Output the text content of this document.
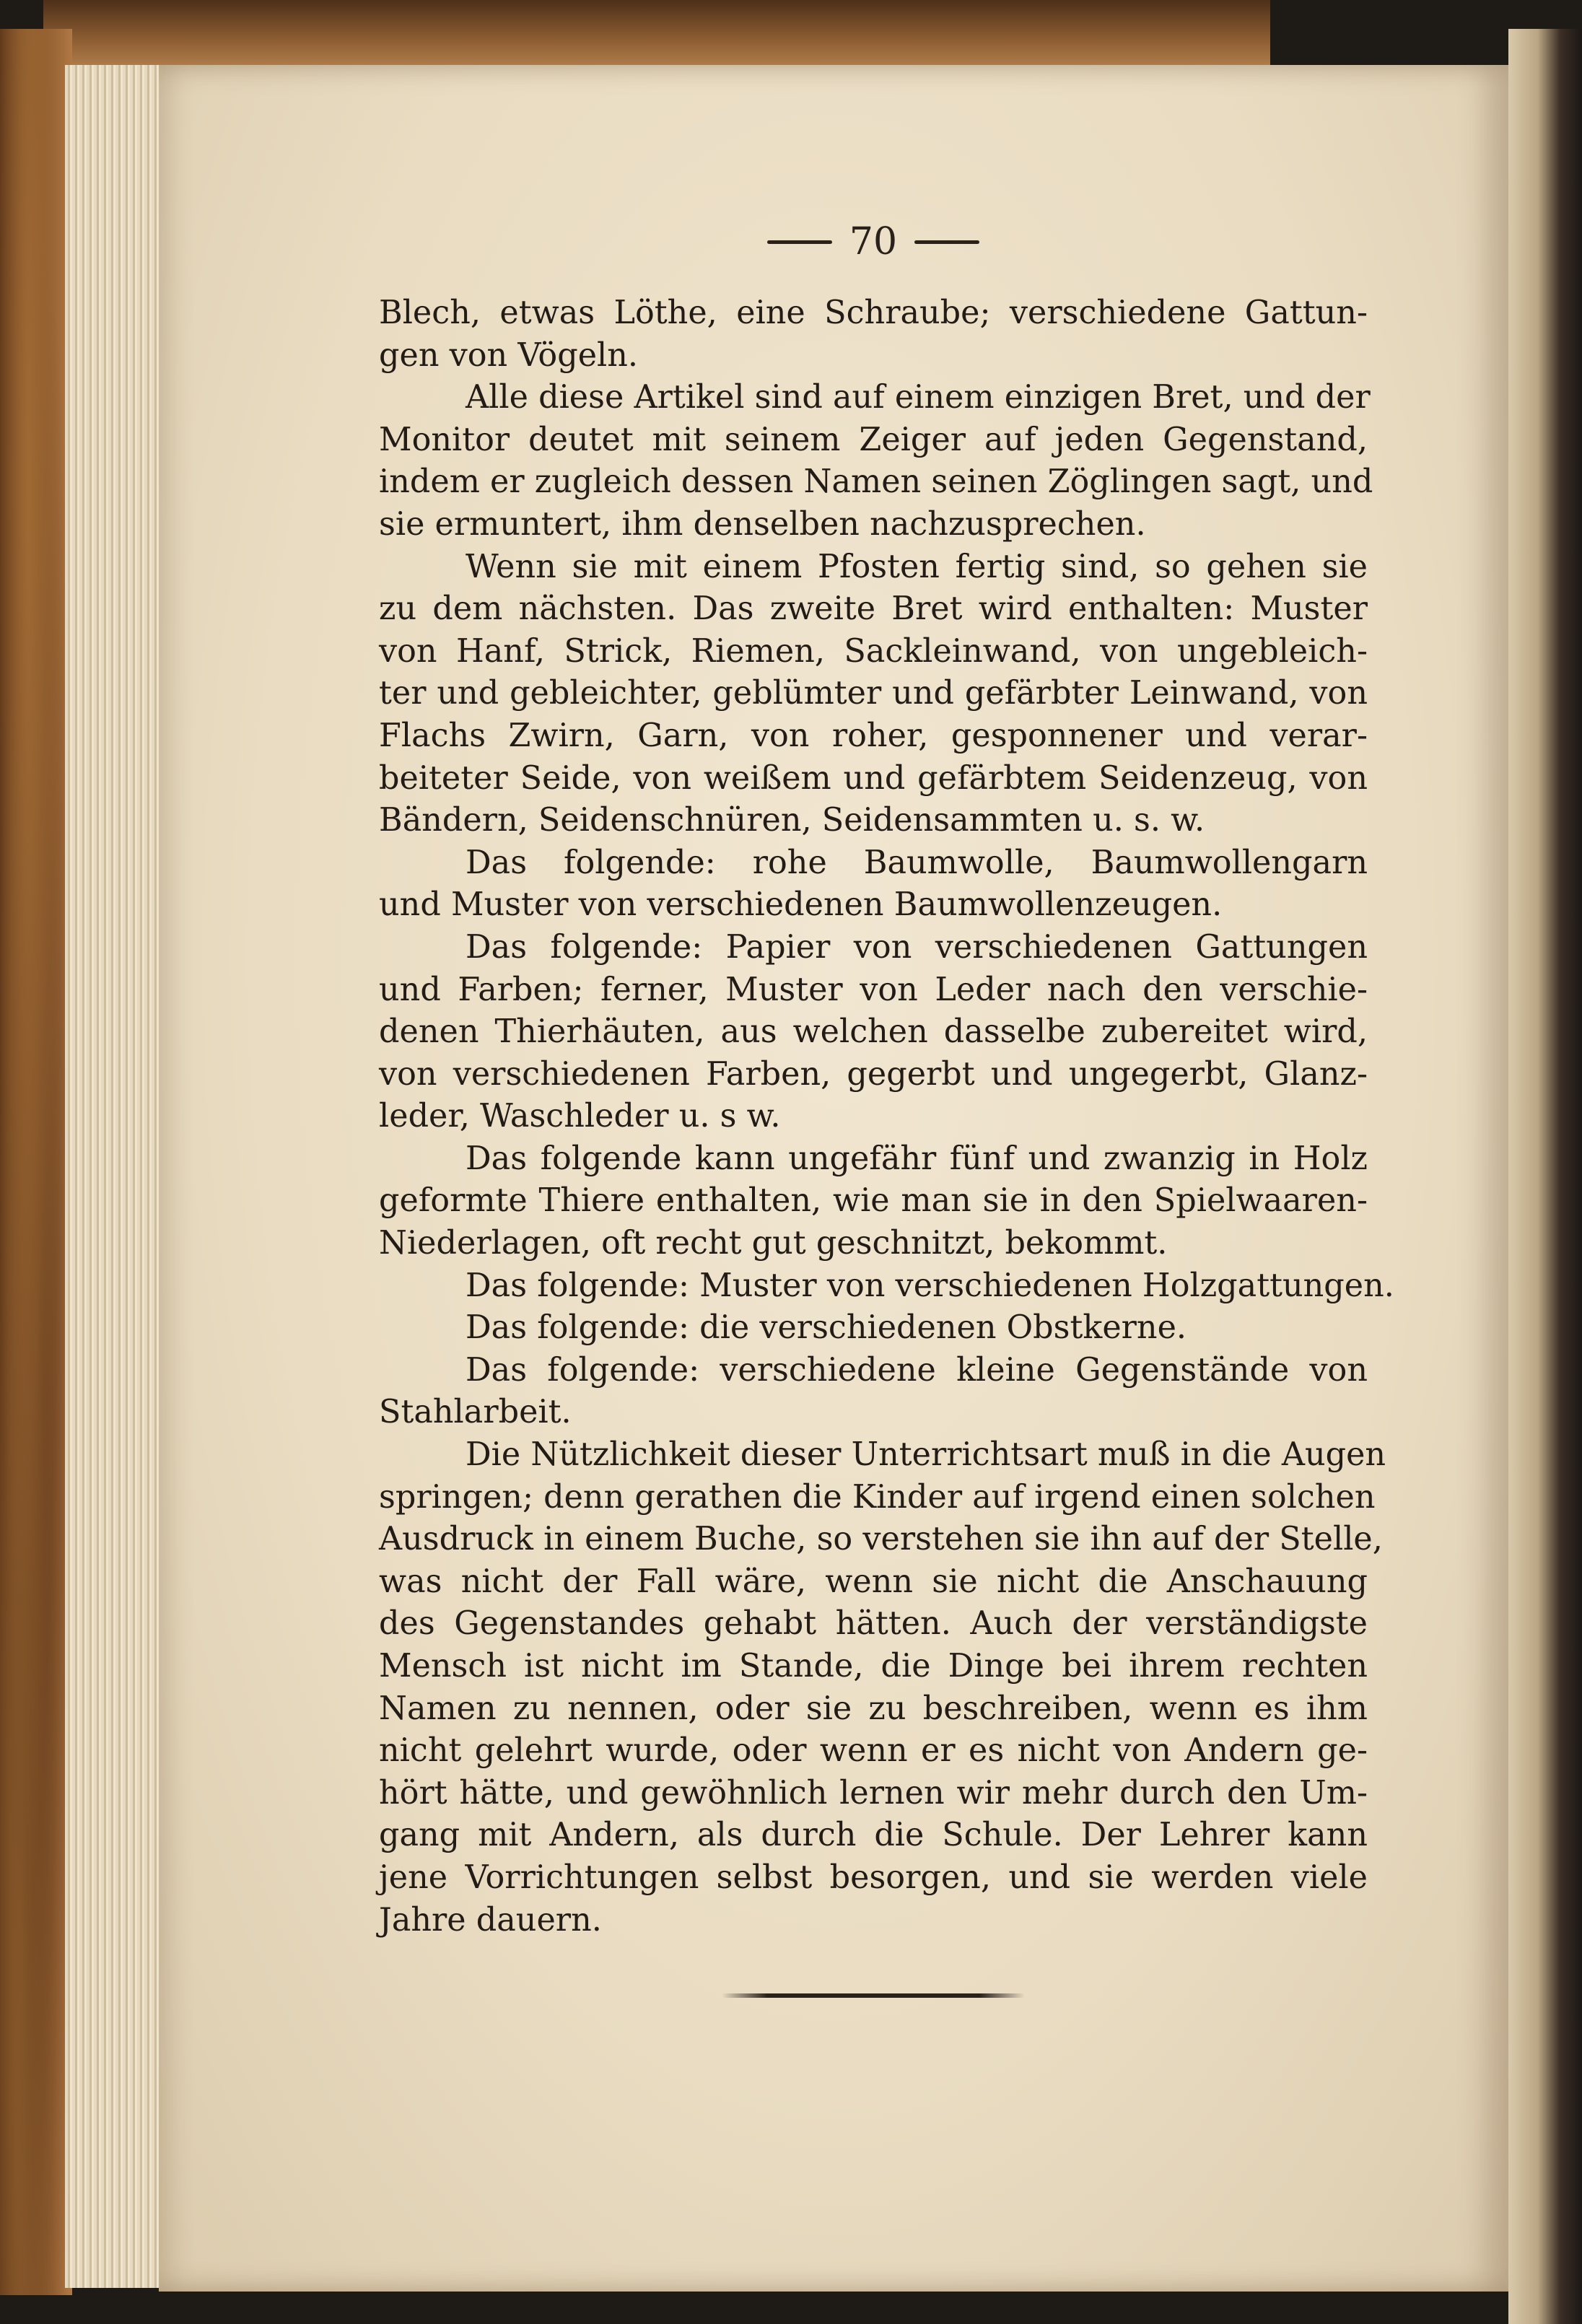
70
Blech, etwas Löthe, eine Schraube; verschiedene Gattun-
gen von Vögeln.
Alle diese Artikel sind auf einem einzigen Bret, und der
Monitor deutet mit seinem Zeiger auf jeden Gegenstand,
indem er zugleich dessen Namen seinen Zöglingen sagt, und
sie ermuntert, ihm denselben nachzusprechen.
Wenn sie mit einem Pfosten fertig sind, so gehen sie
zu dem nächsten. Das zweite Bret wird enthalten: Muster
von Hanf, Strick, Riemen, Sackleinwand, von ungebleich-
ter und gebleichter, geblümter und gefärbter Leinwand, von
Flachs Zwirn, Garn, von roher, gesponnener und verar-
beiteter Seide, von weißem und gefärbtem Seidenzeug, von
Bändern, Seidenschnüren, Seidensammten u. s. w.
Das folgende: rohe Baumwolle, Baumwollengarn
und Muster von verschiedenen Baumwollenzeugen.
Das folgende: Papier von verschiedenen Gattungen
und Farben; ferner, Muster von Leder nach den verschie-
denen Thierhäuten, aus welchen dasselbe zubereitet wird,
von verschiedenen Farben, gegerbt und ungegerbt, Glanz-
leder, Waschleder u. s w.
Das folgende kann ungefähr fünf und zwanzig in Holz
geformte Thiere enthalten, wie man sie in den Spielwaaren-
Niederlagen, oft recht gut geschnitzt, bekommt.
Das folgende: Muster von verschiedenen Holzgattungen.
Das folgende: die verschiedenen Obstkerne.
Das folgende: verschiedene kleine Gegenstände von
Stahlarbeit.
Die Nützlichkeit dieser Unterrichtsart muß in die Augen
springen; denn gerathen die Kinder auf irgend einen solchen
Ausdruck in einem Buche, so verstehen sie ihn auf der Stelle,
was nicht der Fall wäre, wenn sie nicht die Anschauung
des Gegenstandes gehabt hätten. Auch der verständigste
Mensch ist nicht im Stande, die Dinge bei ihrem rechten
Namen zu nennen, oder sie zu beschreiben, wenn es ihm
nicht gelehrt wurde, oder wenn er es nicht von Andern ge-
hört hätte, und gewöhnlich lernen wir mehr durch den Um-
gang mit Andern, als durch die Schule. Der Lehrer kann
jene Vorrichtungen selbst besorgen, und sie werden viele
Jahre dauern.
